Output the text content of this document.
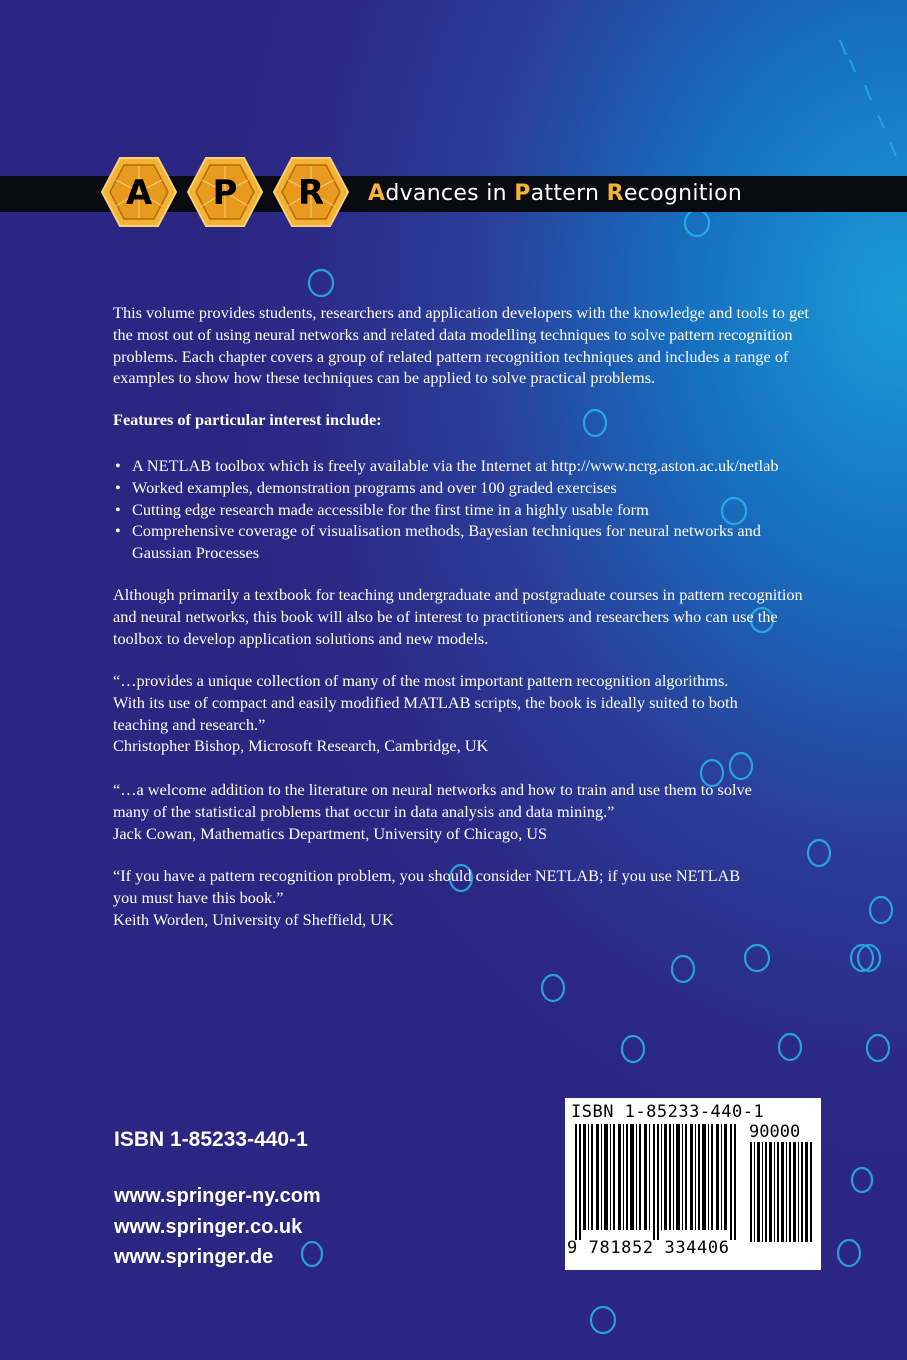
A P R Advances in Pattern Recognition
This volume provides students, researchers and application developers with the knowledge and tools to get
the most out of using neural networks and related data modelling techniques to solve pattern recognition
problems. Each chapter covers a group of related pattern recognition techniques and includes a range of
examples to show how these techniques can be applied to solve practical problems.
Features of particular interest include:
• A NETLAB toolbox which is freely available via the Internet at http://www.ncrg.aston.ac.uk/netlab
• Worked examples, demonstration programs and over 100 graded exercises
• Cutting edge research made accessible for the first time in a highly usable form
• Comprehensive coverage of visualisation methods, Bayesian techniques for neural networks and
Gaussian Processes
Although primarily a textbook for teaching undergraduate and postgraduate courses in pattern recognition
and neural networks, this book will also be of interest to practitioners and researchers who can use the
toolbox to develop application solutions and new models.
“…provides a unique collection of many of the most important pattern recognition algorithms.
With its use of compact and easily modified MATLAB scripts, the book is ideally suited to both
teaching and research.”
Christopher Bishop, Microsoft Research, Cambridge, UK
“…a welcome addition to the literature on neural networks and how to train and use them to solve
many of the statistical problems that occur in data analysis and data mining.”
Jack Cowan, Mathematics Department, University of Chicago, US
“If you have a pattern recognition problem, you should consider NETLAB; if you use NETLAB
you must have this book.”
Keith Worden, University of Sheffield, UK
ISBN 1-85233-440-1
www.springer-ny.com
www.springer.co.uk
www.springer.de
ISBN 1-85233-440-1
90000
9 781852 334406
